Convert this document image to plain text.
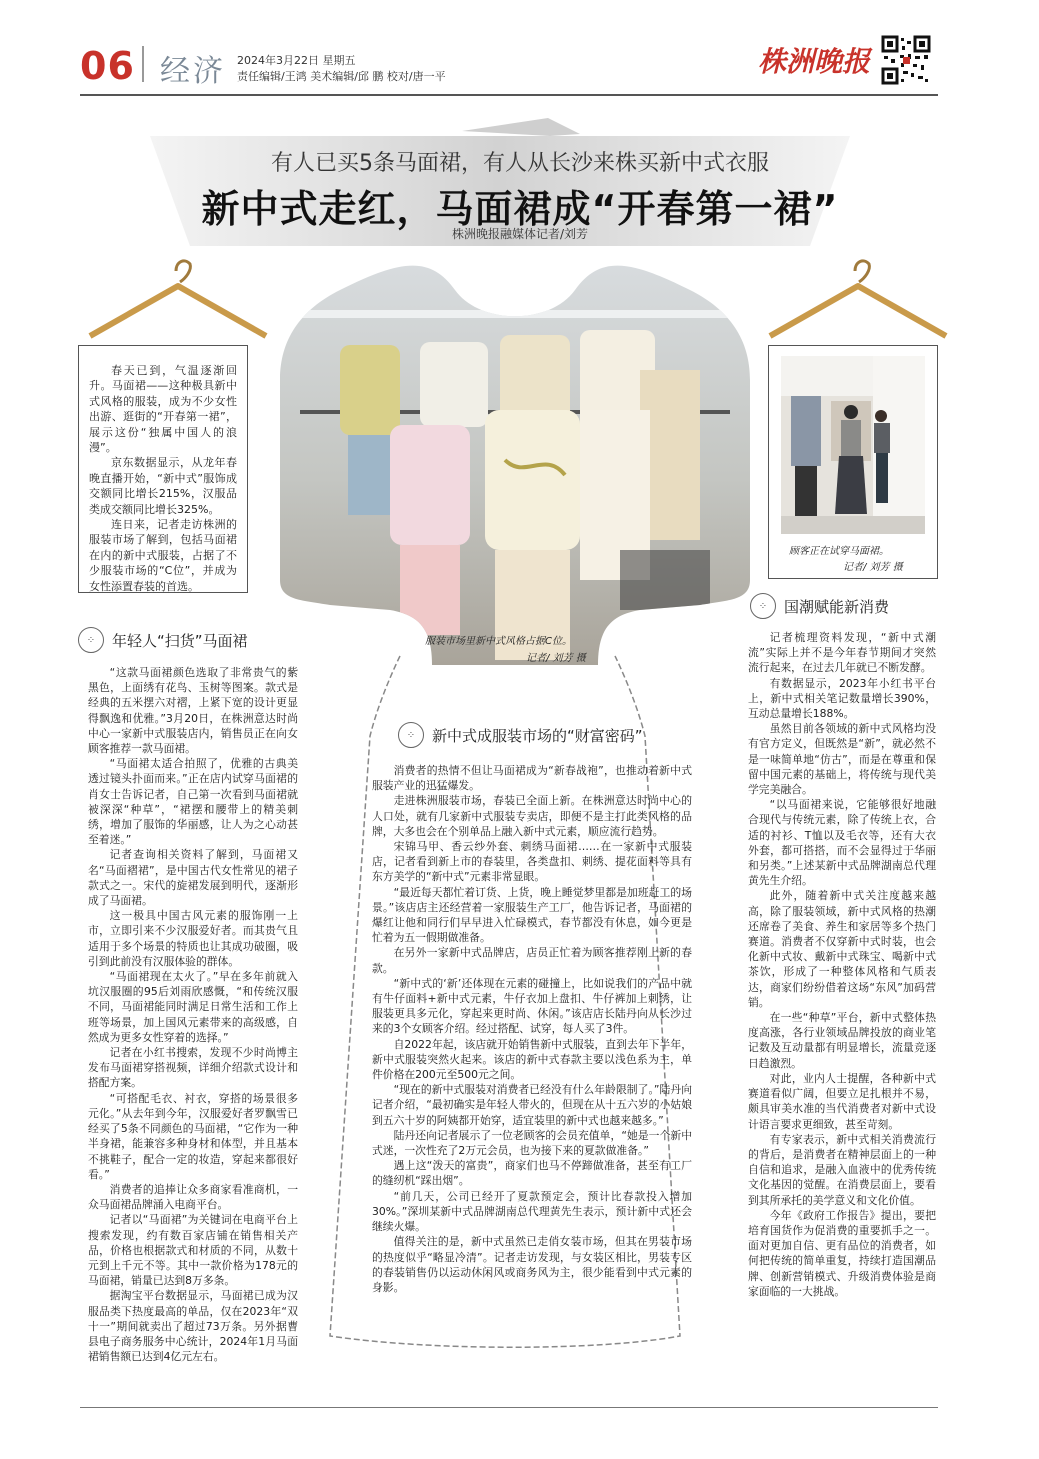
06 经济 2024年3月22日 星期五
责任编辑/王鸿 美术编辑/邱 鹏 校对/唐一平	株洲晚报
有人已买5条马面裙，有人从长沙来株买新中式衣服
新中式走红，马面裙成“开春第一裙”
株洲晚报融媒体记者/刘芳
服装市场里新中式风格占据C位。
记者/ 刘芳 摄

春天已到，气温逐渐回升。马面裙——这种极具新中式风格的服装，成为不少女性出游、逛街的“开春第一裙”，展示这份“独属中国人的浪漫”。

京东数据显示，从龙年春晚直播开始，“新中式”服饰成交额同比增长215%，汉服品类成交额同比增长325%。

连日来，记者走访株洲的服装市场了解到，包括马面裙在内的新中式服装，占据了不少服装市场的“C位”，并成为女性添置春装的首选。

顾客正在试穿马面裙。
记者/ 刘芳 摄
⁘	年轻人“扫货”马面裙

“这款马面裙颜色选取了非常贵气的紫黑色，上面绣有花鸟、玉树等图案。款式是经典的五米摆六对褶，上紧下宽的设计更显得飘逸和优雅。”3月20日，在株洲意达时尚中心一家新中式服装店内，销售员正在向女顾客推荐一款马面裙。

“马面裙太适合拍照了，优雅的古典美透过镜头扑面而来。”正在店内试穿马面裙的肖女士告诉记者，自己第一次看到马面裙就被深深“种草”，“裙摆和腰带上的精美刺绣，增加了服饰的华丽感，让人为之心动甚至着迷。”

记者查询相关资料了解到，马面裙又名“马面褶裙”，是中国古代女性常见的裙子款式之一。宋代的旋裙发展到明代，逐渐形成了马面裙。

这一极具中国古风元素的服饰刚一上市，立即引来不少汉服爱好者。而其贵气且适用于多个场景的特质也让其成功破圈，吸引到此前没有汉服体验的群体。

“马面裙现在太火了。”早在多年前就入坑汉服圈的95后刘雨欣感慨，“和传统汉服不同，马面裙能同时满足日常生活和工作上班等场景，加上国风元素带来的高级感，自然成为更多女性穿着的选择。”

记者在小红书搜索，发现不少时尚博主发布马面裙穿搭视频，详细介绍款式设计和搭配方案。

“可搭配毛衣、衬衣，穿搭的场景很多元化。”从去年到今年，汉服爱好者罗飘雪已经买了5条不同颜色的马面裙，“它作为一种半身裙，能兼容多种身材和体型，并且基本不挑鞋子，配合一定的妆造，穿起来都很好看。”

消费者的追捧让众多商家看准商机，一众马面裙品牌涌入电商平台。

记者以“马面裙”为关键词在电商平台上搜索发现，约有数百家店铺在销售相关产品，价格也根据款式和材质的不同，从数十元到上千元不等。其中一款价格为178元的马面裙，销量已达到8万多条。

据淘宝平台数据显示，马面裙已成为汉服品类下热度最高的单品，仅在2023年“双十一”期间就卖出了超过73万条。另外据曹县电子商务服务中心统计，2024年1月马面裙销售额已达到4亿元左右。

⁘	新中式成服装市场的“财富密码”

消费者的热情不但让马面裙成为“新春战袍”，也推动着新中式服装产业的迅猛爆发。

走进株洲服装市场，春装已全面上新。在株洲意达时尚中心的人口处，就有几家新中式服装专卖店，即便不是主打此类风格的品牌，大多也会在个别单品上融入新中式元素，顺应流行趋势。

宋锦马甲、香云纱外套、刺绣马面裙……在一家新中式服装店，记者看到新上市的春装里，各类盘扣、刺绣、提花面料等具有东方美学的“新中式”元素非常显眼。

“最近每天都忙着订货、上货，晚上睡觉梦里都是加班赶工的场景。”该店店主还经营着一家服装生产工厂，他告诉记者，马面裙的爆红让他和同行们早早进入忙碌模式，春节都没有休息，如今更是忙着为五一假期做准备。

在另外一家新中式品牌店，店员正忙着为顾客推荐刚上新的春款。

“新中式的‘新’还体现在元素的碰撞上，比如说我们的产品中就有牛仔面料+新中式元素，牛仔衣加上盘扣、牛仔裤加上刺绣，让服装更具多元化，穿起来更时尚、休闲。”该店店长陆丹向从长沙过来的3个女顾客介绍。经过搭配、试穿，每人买了3件。

自2022年起，该店就开始销售新中式服装，直到去年下半年，新中式服装突然火起来。该店的新中式春款主要以浅色系为主，单件价格在200元至500元之间。

“现在的新中式服装对消费者已经没有什么年龄限制了。”陆丹向记者介绍，“最初确实是年轻人带火的，但现在从十五六岁的小姑娘到五六十岁的阿姨都开始穿，适宜装里的新中式也越来越多。”

陆丹还向记者展示了一位老顾客的会员充值单，“她是一个新中式迷，一次性充了2万元会员，也为接下来的夏款做准备。”

遇上这“泼天的富贵”，商家们也马不停蹄做准备，甚至有工厂的缝纫机“踩出烟”。

“前几天，公司已经开了夏款预定会，预计比春款投入增加30%。”深圳某新中式品牌湖南总代理黄先生表示，预计新中式还会继续火爆。

值得关注的是，新中式虽然已走俏女装市场，但其在男装市场的热度似乎“略显冷清”。记者走访发现，与女装区相比，男装专区的春装销售仍以运动休闲风或商务风为主，很少能看到中式元素的身影。

⁘	国潮赋能新消费

记者梳理资料发现，“新中式潮流”实际上并不是今年春节期间才突然流行起来，在过去几年就已不断发酵。

有数据显示，2023年小红书平台上，新中式相关笔记数量增长390%，互动总量增长188%。

虽然目前各领域的新中式风格均没有官方定义，但既然是“新”，就必然不是一味简单地“仿古”，而是在尊重和保留中国元素的基础上，将传统与现代美学完美融合。

“以马面裙来说，它能够很好地融合现代与传统元素，除了传统上衣，合适的衬衫、T恤以及毛衣等，还有大衣外套，都可搭搭，而不会显得过于华丽和另类。”上述某新中式品牌湖南总代理黄先生介绍。

此外，随着新中式关注度越来越高，除了服装领域，新中式风格的热潮还席卷了美食、养生和家居等多个热门赛道。消费者不仅穿新中式时装，也会化新中式妆、戴新中式珠宝、喝新中式茶饮，形成了一种整体风格和气质表达，商家们纷纷借着这场“东风”加码营销。

在一些“种草”平台，新中式整体热度高涨，各行业领域品牌投放的商业笔记数及互动量都有明显增长，流量竞逐日趋激烈。

对此，业内人士提醒，各种新中式赛道看似广阔，但要立足扎根并不易，颇具审美水准的当代消费者对新中式设计语言要求更细致，甚至苛刻。

有专家表示，新中式相关消费流行的背后，是消费者在精神层面上的一种自信和追求，是融入血液中的优秀传统文化基因的觉醒。在消费层面上，要看到其所承托的美学意义和文化价值。

今年《政府工作报告》提出，要把培育国货作为促消费的重要抓手之一。面对更加自信、更有品位的消费者，如何把传统的简单重复，持续打造国潮品牌、创新营销模式、升级消费体验是商家面临的一大挑战。
